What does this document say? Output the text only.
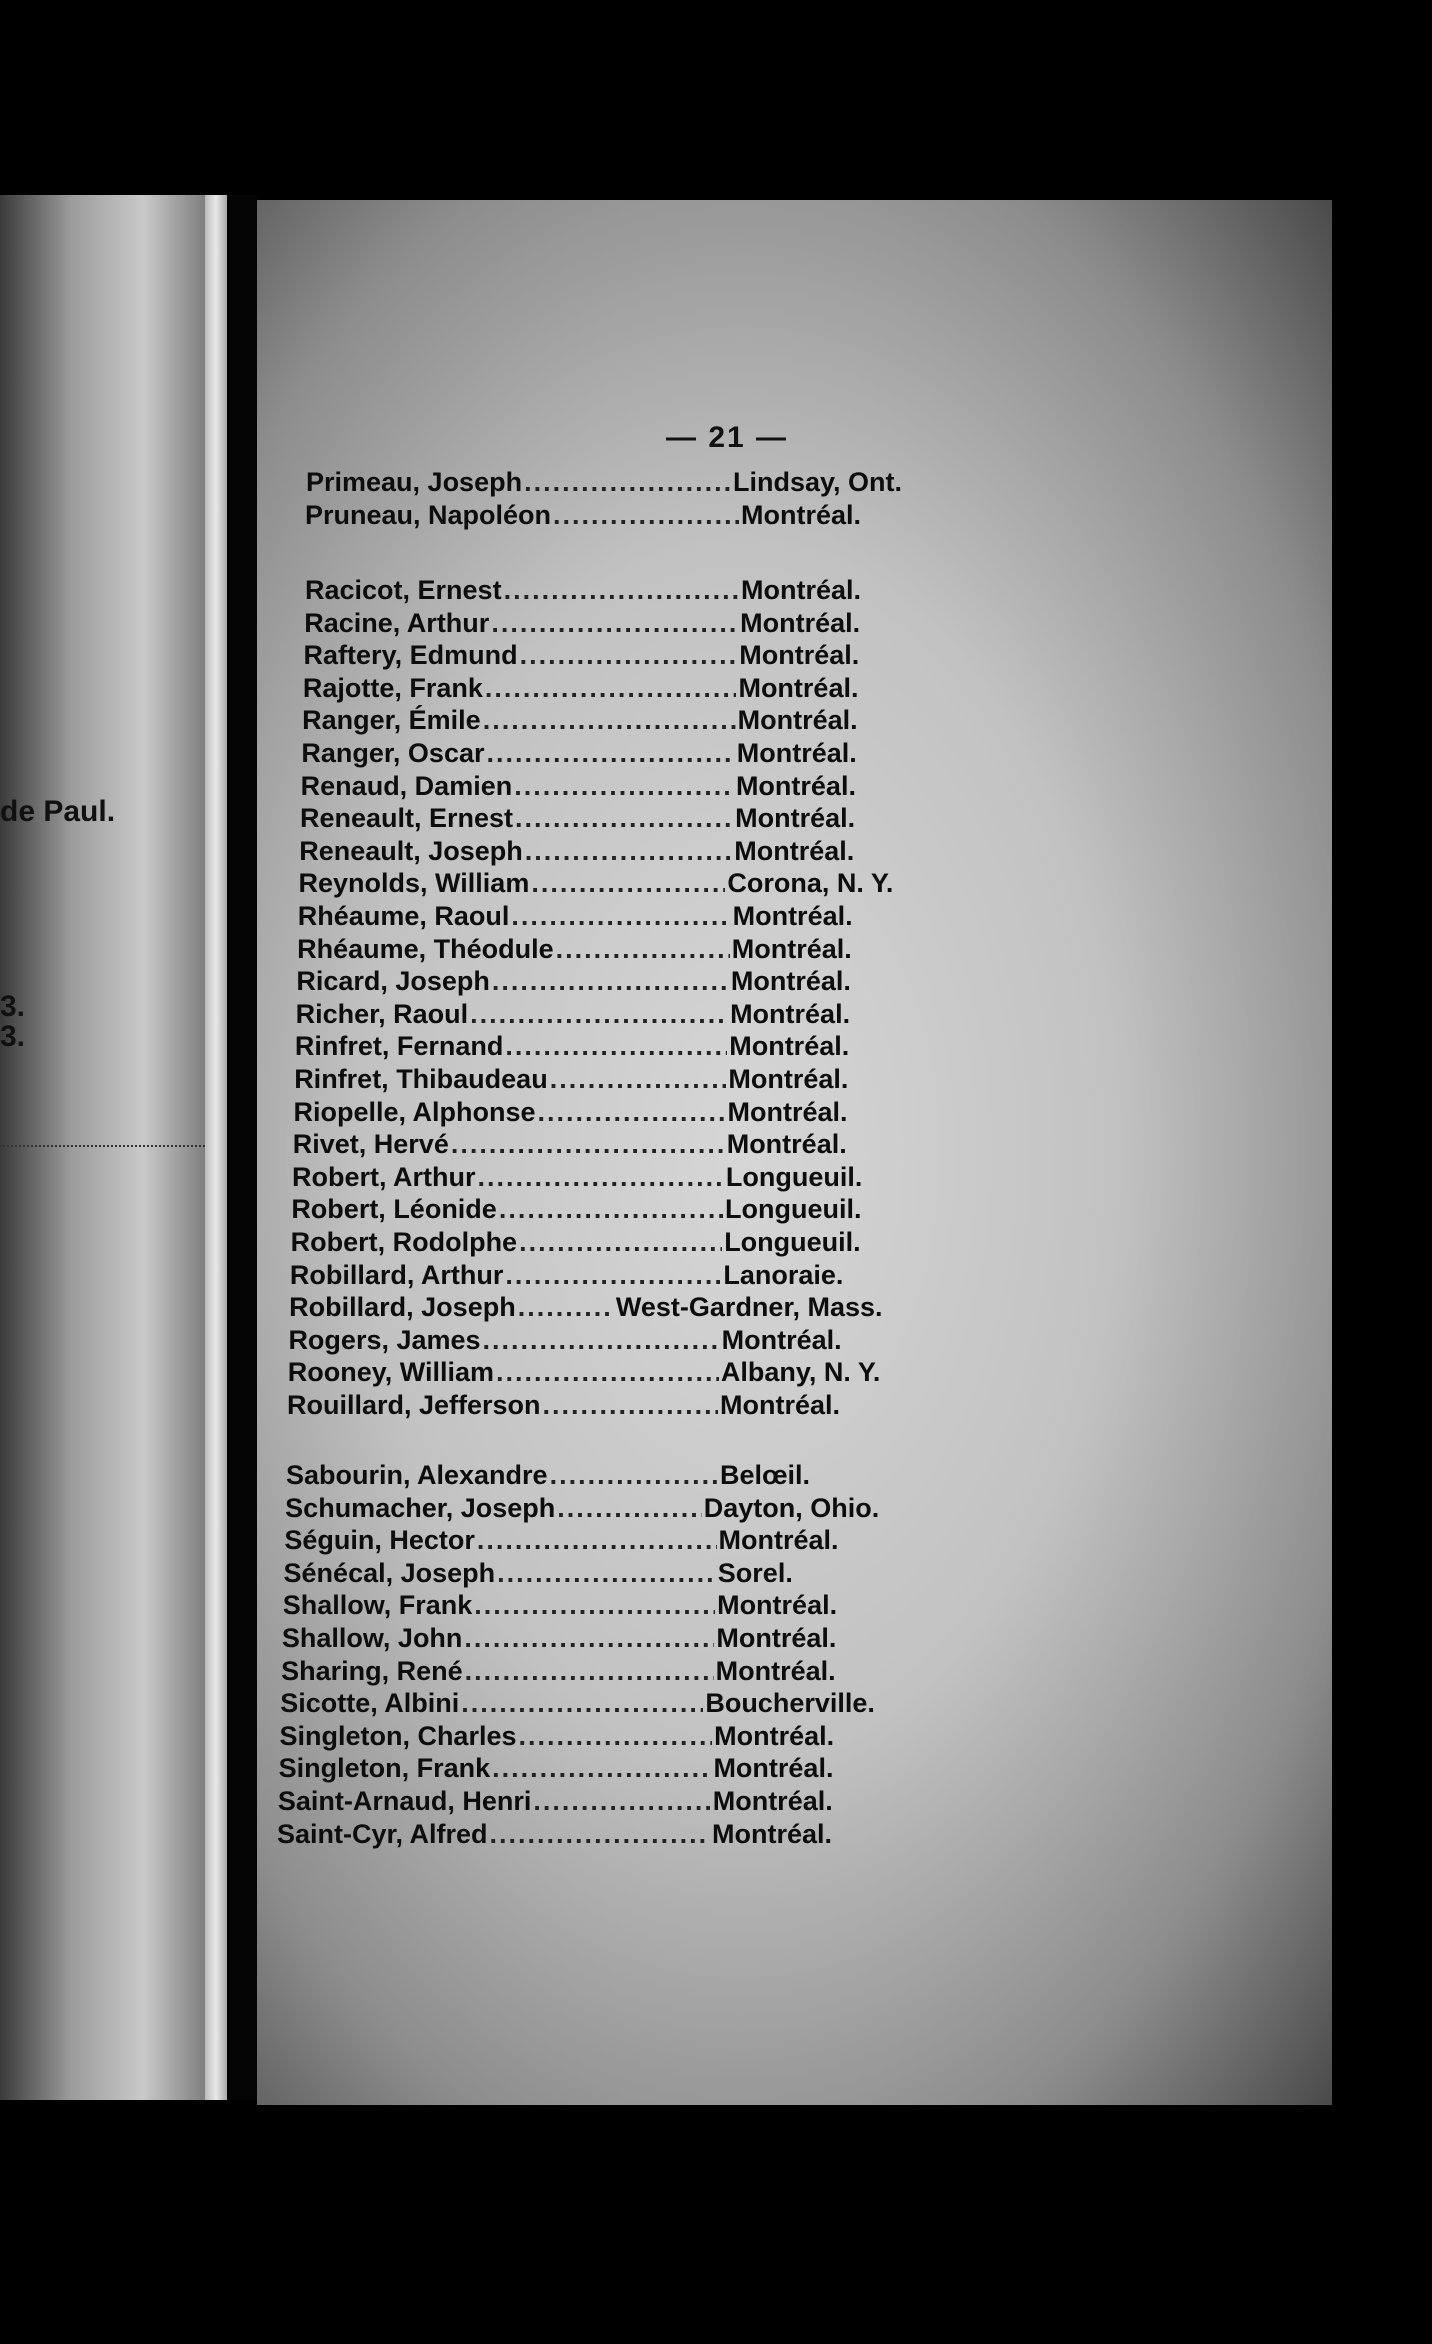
de Paul.
3.
3.
— 21 —
Primeau, Joseph .....	Lindsay, Ont.
Pruneau, Napoléon .....	Montréal.
Racicot, Ernest .....	Montréal.
Racine, Arthur .....	Montréal.
Raftery, Edmund .....	Montréal.
Rajotte, Frank .....	Montréal.
Ranger, Émile .....	Montréal.
Ranger, Oscar .....	Montréal.
Renaud, Damien .....	Montréal.
Reneault, Ernest .....	Montréal.
Reneault, Joseph .....	Montréal.
Reynolds, William .....	Corona, N. Y.
Rhéaume, Raoul .....	Montréal.
Rhéaume, Théodule .....	Montréal.
Ricard, Joseph .....	Montréal.
Richer, Raoul .....	Montréal.
Rinfret, Fernand .....	Montréal.
Rinfret, Thibaudeau .....	Montréal.
Riopelle, Alphonse .....	Montréal.
Rivet, Hervé .....	Montréal.
Robert, Arthur .....	Longueuil.
Robert, Léonide .....	Longueuil.
Robert, Rodolphe .....	Longueuil.
Robillard, Arthur .....	Lanoraie.
Robillard, Joseph .....	West-Gardner, Mass.
Rogers, James .....	Montréal.
Rooney, William .....	Albany, N. Y.
Rouillard, Jefferson .....	Montréal.
Sabourin, Alexandre .....	Belœil.
Schumacher, Joseph .....	Dayton, Ohio.
Séguin, Hector .....	Montréal.
Sénécal, Joseph .....	Sorel.
Shallow, Frank .....	Montréal.
Shallow, John .....	Montréal.
Sharing, René .....	Montréal.
Sicotte, Albini .....	Boucherville.
Singleton, Charles .....	Montréal.
Singleton, Frank .....	Montréal.
Saint-Arnaud, Henri .....	Montréal.
Saint-Cyr, Alfred .....	Montréal.
